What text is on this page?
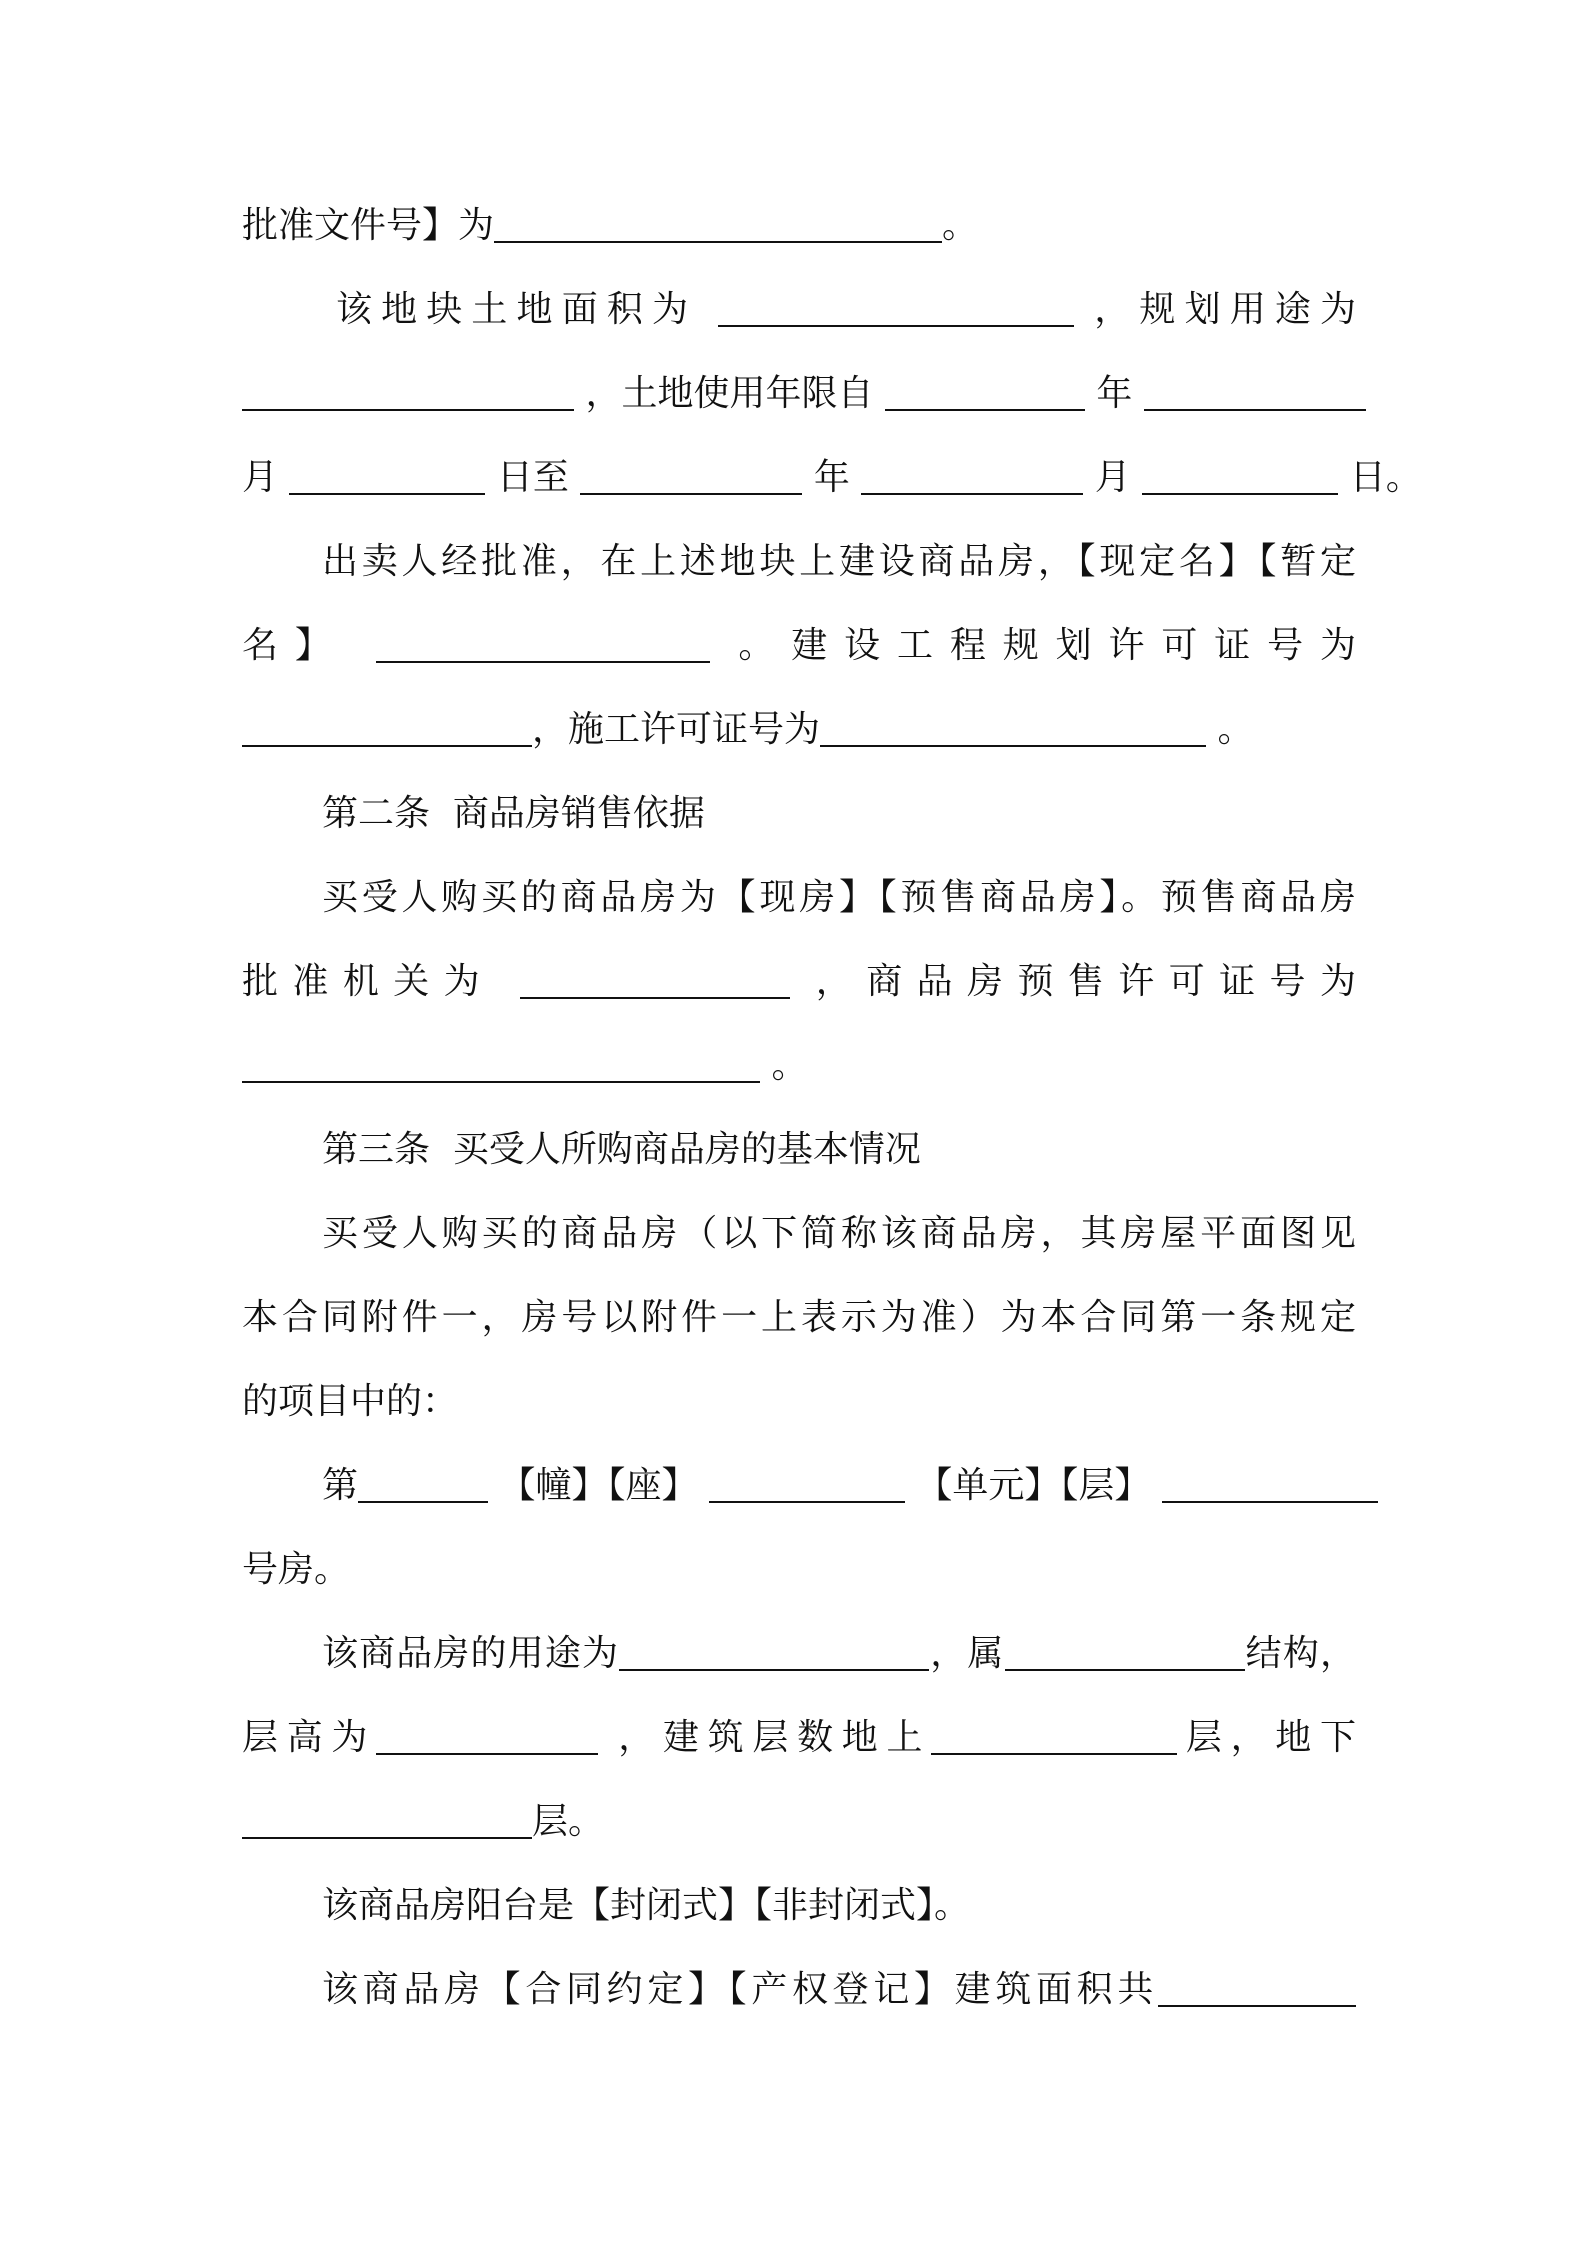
批准文件号】为	。
该地块土地面积为	，规划用途为
，土地使用年限自	年
月	日至	年	月	日。
出卖人经批准，在上述地块上建设商品房，【现定名】【暂定
名】	。建设工程规划许可证号为
，施工许可证号为	。
第二条  商品房销售依据
买受人购买的商品房为【现房】【预售商品房】。预售商品房
批准机关为	，商品房预售许可证号为
。
第三条  买受人所购商品房的基本情况
买受人购买的商品房（以下简称该商品房，其房屋平面图见
本合同附件一，房号以附件一上表示为准）为本合同第一条规定
的项目中的：
第	【幢】【座】	【单元】【层】
号房。
该商品房的用途为	，属	结构，
层高为	，建筑层数地上	层，地下
层。
该商品房阳台是【封闭式】【非封闭式】。
该商品房【合同约定】【产权登记】建筑面积共
